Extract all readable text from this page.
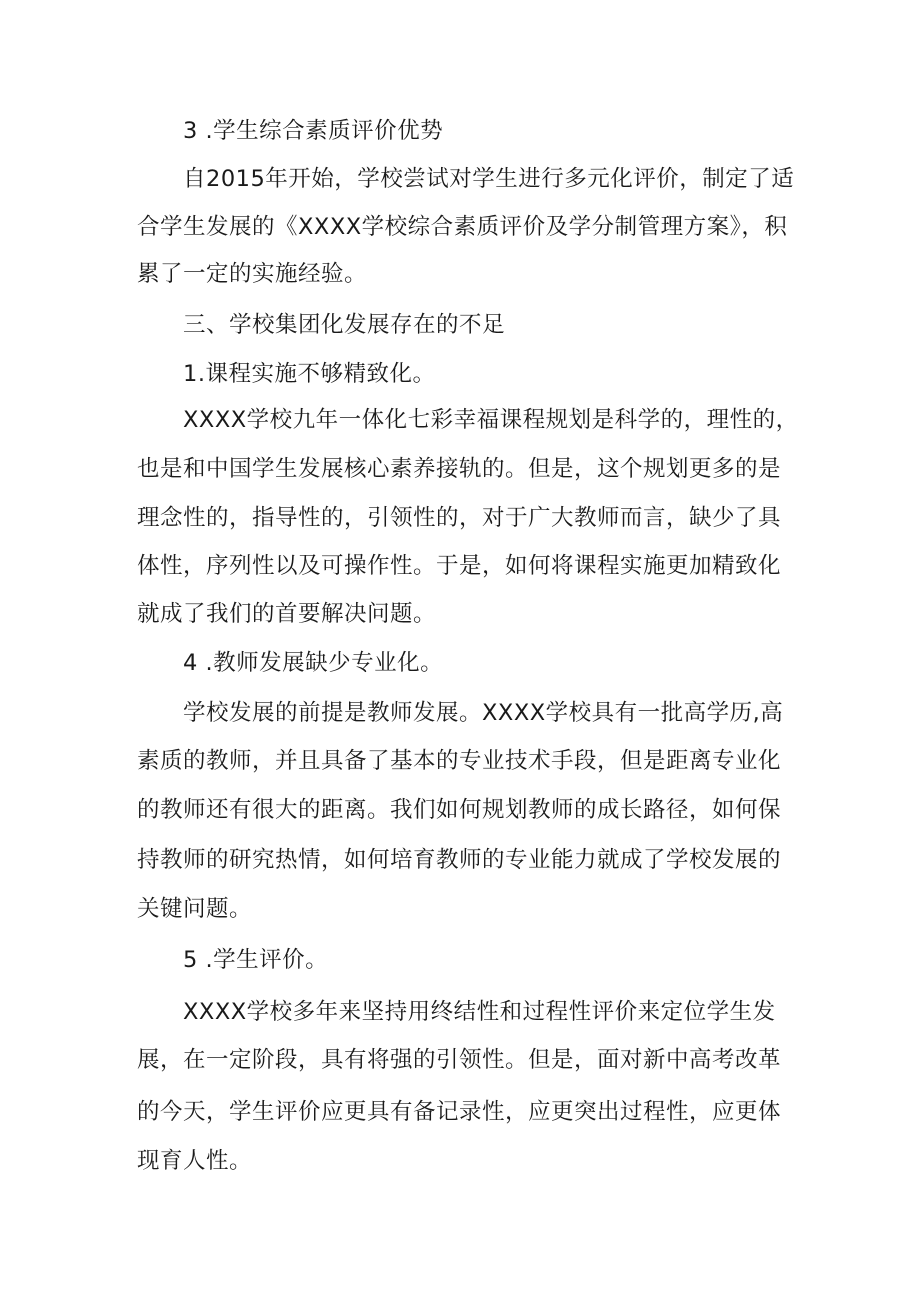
3 .学生综合素质评价优势
自2015年开始，学校尝试对学生进行多元化评价，制定了适
合学生发展的《XXXX学校综合素质评价及学分制管理方案》，积
累了一定的实施经验。
三、学校集团化发展存在的不足
1.课程实施不够精致化。
XXXX学校九年一体化七彩幸福课程规划是科学的，理性的，
也是和中国学生发展核心素养接轨的。但是，这个规划更多的是
理念性的，指导性的，引领性的，对于广大教师而言，缺少了具
体性，序列性以及可操作性。于是，如何将课程实施更加精致化
就成了我们的首要解决问题。
4 .教师发展缺少专业化。
学校发展的前提是教师发展。XXXX学校具有一批高学历,高
素质的教师，并且具备了基本的专业技术手段，但是距离专业化
的教师还有很大的距离。我们如何规划教师的成长路径，如何保
持教师的研究热情，如何培育教师的专业能力就成了学校发展的
关键问题。
5 .学生评价。
XXXX学校多年来坚持用终结性和过程性评价来定位学生发
展，在一定阶段，具有将强的引领性。但是，面对新中高考改革
的今天，学生评价应更具有备记录性，应更突出过程性，应更体
现育人性。
